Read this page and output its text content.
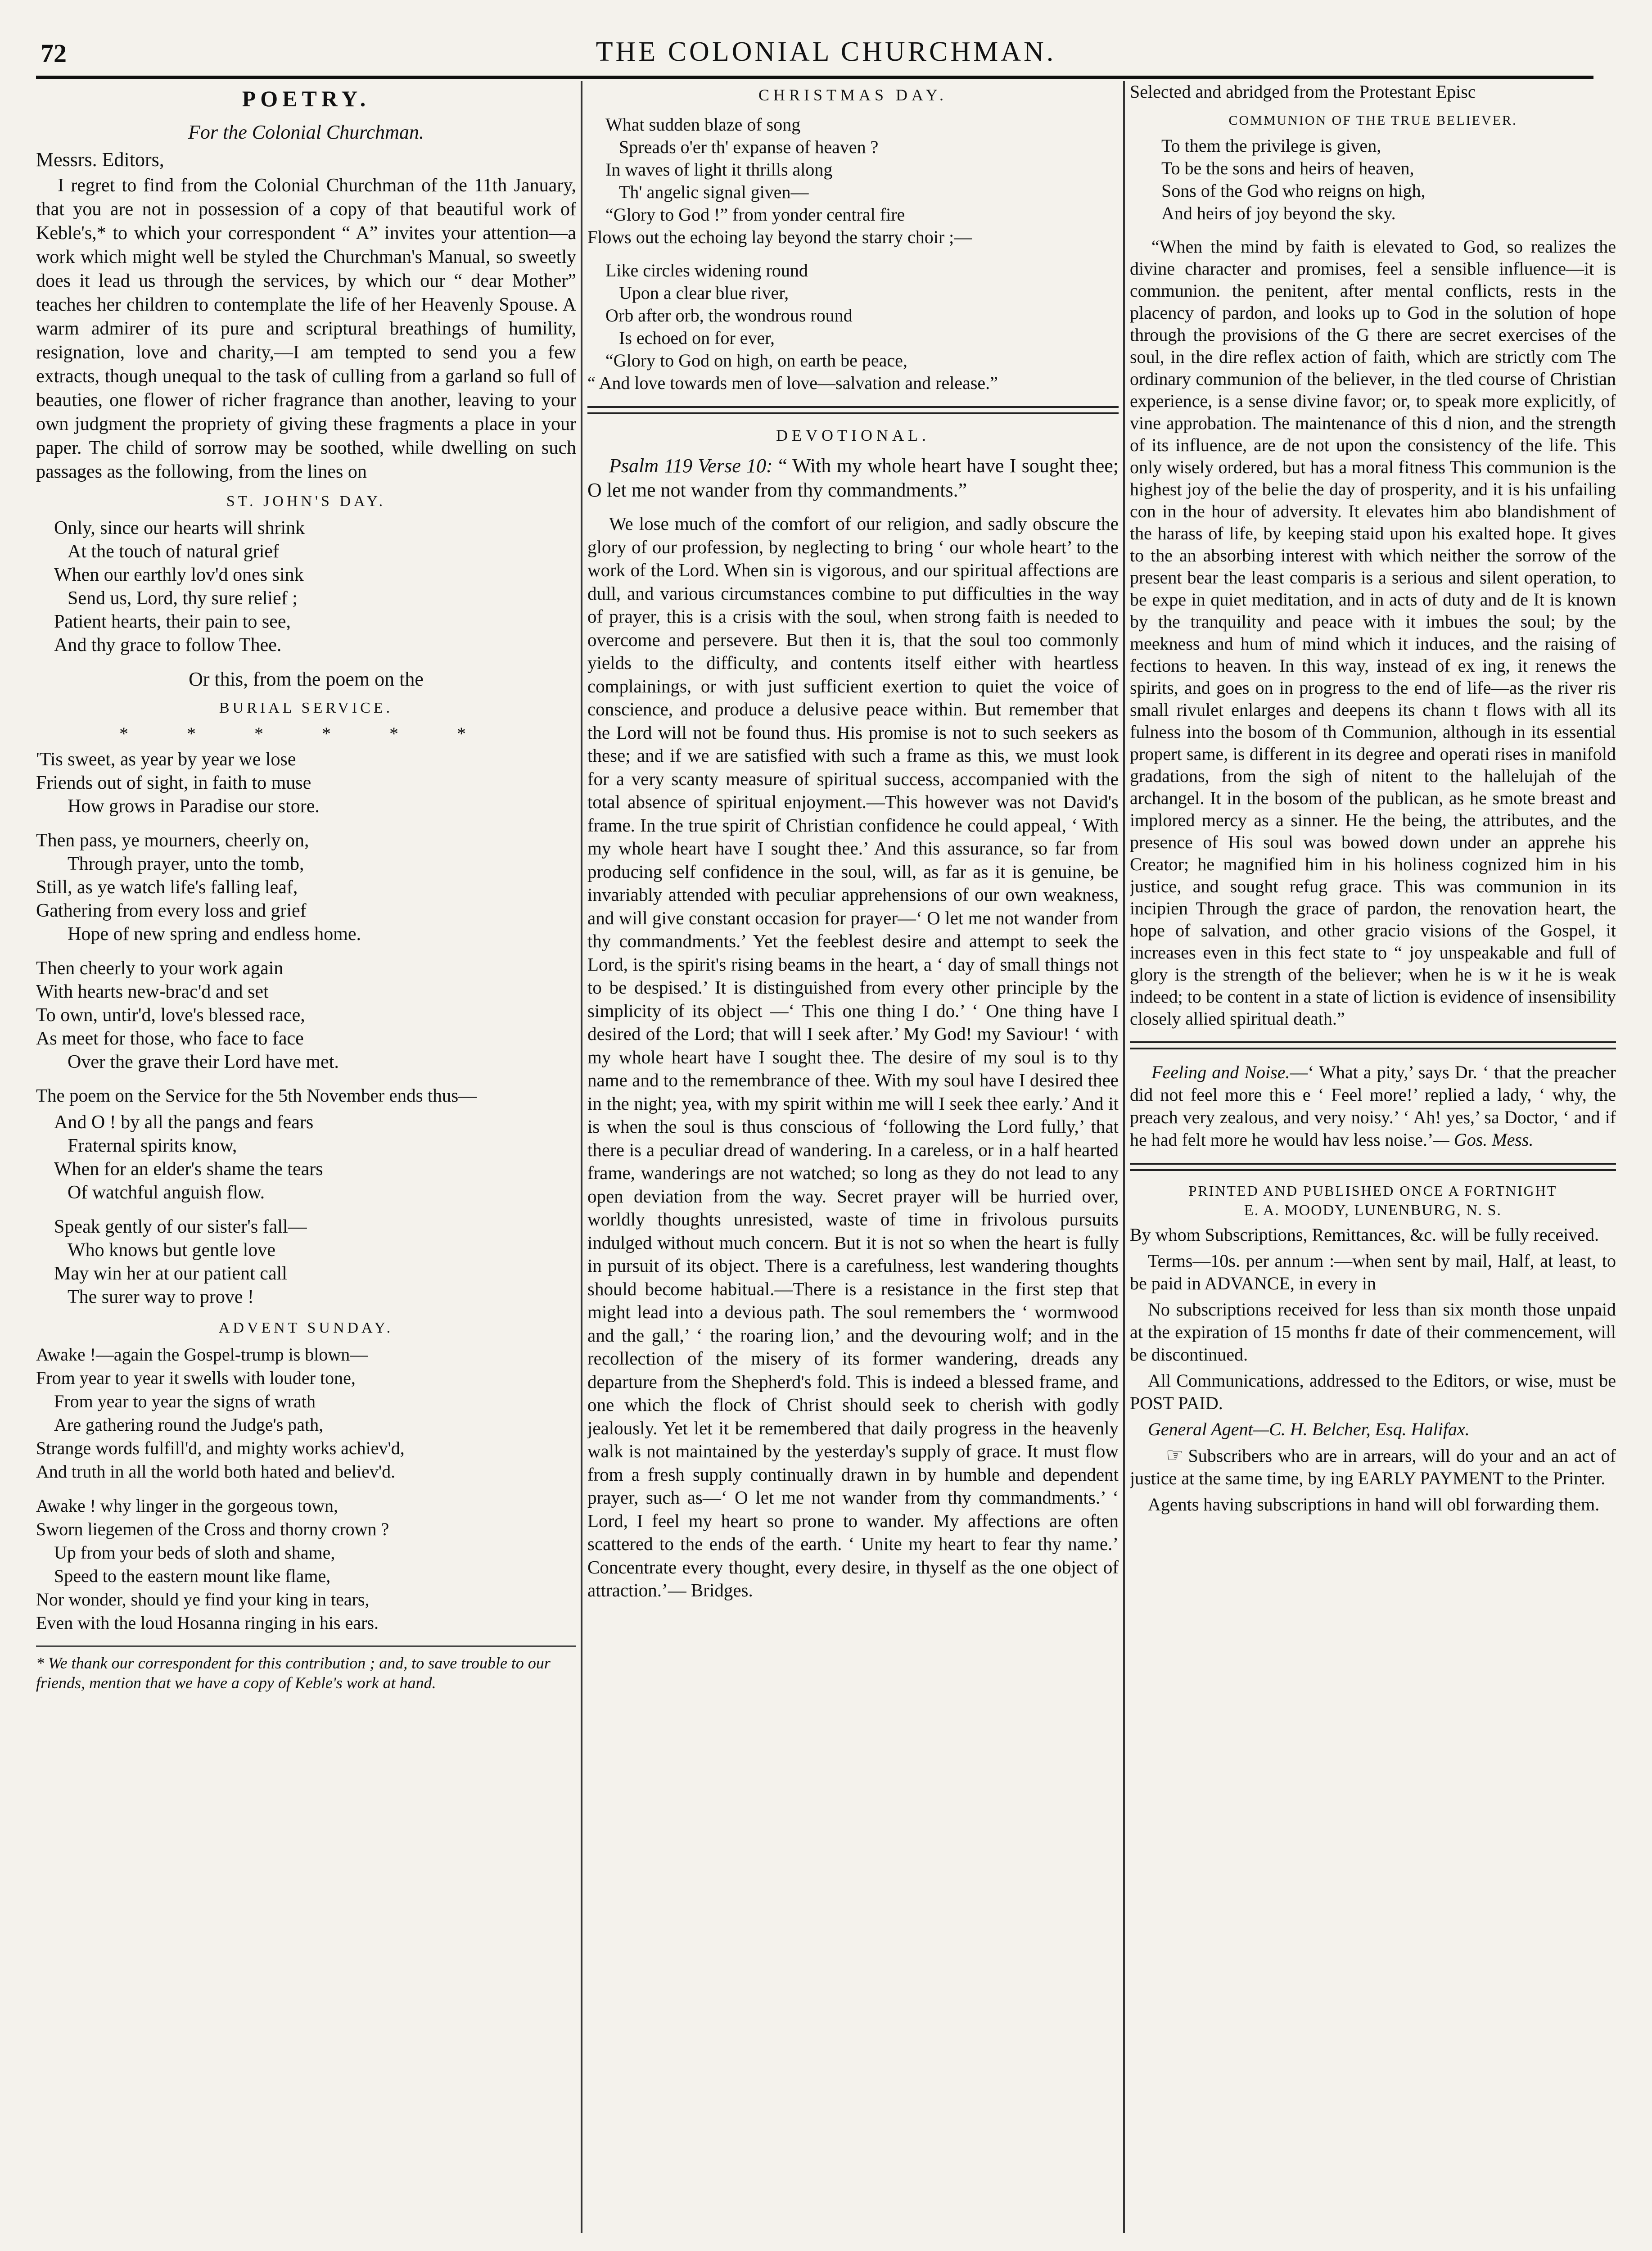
72	THE COLONIAL CHURCHMAN.
POETRY.
For the Colonial Churchman.
Messrs. Editors,

I regret to find from the Colonial Churchman of the 11th January, that you are not in possession of a copy of that beautiful work of Keble's,* to which your correspondent “ A” invites your attention—a work which might well be styled the Churchman's Manual, so sweetly does it lead us through the services, by which our “ dear Mother” teaches her children to contemplate the life of her Heavenly Spouse. A warm admirer of its pure and scriptural breathings of humility, resignation, love and charity,—I am tempted to send you a few extracts, though unequal to the task of culling from a garland so full of beauties, one flower of richer fragrance than another, leaving to your own judgment the propriety of giving these fragments a place in your paper. The child of sorrow may be soothed, while dwelling on such passages as the following, from the lines on

ST. JOHN'S DAY.
Only, since our hearts will shrink
At the touch of natural grief
When our earthly lov'd ones sink
Send us, Lord, thy sure relief ;
Patient hearts, their pain to see,
And thy grace to follow Thee.
Or this, from the poem on the
BURIAL SERVICE.
* * * * * *
'Tis sweet, as year by year we lose
Friends out of sight, in faith to muse
How grows in Paradise our store.
Then pass, ye mourners, cheerly on,
Through prayer, unto the tomb,
Still, as ye watch life's falling leaf,
Gathering from every loss and grief
Hope of new spring and endless home.
Then cheerly to your work again
With hearts new-brac'd and set
To own, untir'd, love's blessed race,
As meet for those, who face to face
Over the grave their Lord have met.
The poem on the Service for the 5th November ends thus—
And O ! by all the pangs and fears
Fraternal spirits know,
When for an elder's shame the tears
Of watchful anguish flow.
Speak gently of our sister's fall—
Who knows but gentle love
May win her at our patient call
The surer way to prove !
ADVENT SUNDAY.
Awake !—again the Gospel-trump is blown—
From year to year it swells with louder tone,
From year to year the signs of wrath
Are gathering round the Judge's path,
Strange words fulfill'd, and mighty works achiev'd,
And truth in all the world both hated and believ'd.
Awake ! why linger in the gorgeous town,
Sworn liegemen of the Cross and thorny crown ?
Up from your beds of sloth and shame,
Speed to the eastern mount like flame,
Nor wonder, should ye find your king in tears,
Even with the loud Hosanna ringing in his ears.
* We thank our correspondent for this contribution ; and, to save trouble to our friends, mention that we have a copy of Keble's work at hand.
CHRISTMAS DAY.
What sudden blaze of song
Spreads o'er th' expanse of heaven ?
In waves of light it thrills along
Th' angelic signal given—
“Glory to God !” from yonder central fire
Flows out the echoing lay beyond the starry choir ;—
Like circles widening round
Upon a clear blue river,
Orb after orb, the wondrous round
Is echoed on for ever,
“Glory to God on high, on earth be peace,
“ And love towards men of love—salvation and release.”
DEVOTIONAL.

Psalm 119 Verse 10: “ With my whole heart have I sought thee; O let me not wander from thy commandments.”

We lose much of the comfort of our religion, and sadly obscure the glory of our profession, by neglecting to bring ‘ our whole heart’ to the work of the Lord. When sin is vigorous, and our spiritual affections are dull, and various circumstances combine to put difficulties in the way of prayer, this is a crisis with the soul, when strong faith is needed to overcome and persevere. But then it is, that the soul too commonly yields to the difficulty, and contents itself either with heartless complainings, or with just sufficient exertion to quiet the voice of conscience, and produce a delusive peace within. But remember that the Lord will not be found thus. His promise is not to such seekers as these; and if we are satisfied with such a frame as this, we must look for a very scanty measure of spiritual success, accompanied with the total absence of spiritual enjoyment.—This however was not David's frame. In the true spirit of Christian confidence he could appeal, ‘ With my whole heart have I sought thee.’ And this assurance, so far from producing self confidence in the soul, will, as far as it is genuine, be invariably attended with peculiar apprehensions of our own weakness, and will give constant occasion for prayer—‘ O let me not wander from thy commandments.’ Yet the feeblest desire and attempt to seek the Lord, is the spirit's rising beams in the heart, a ‘ day of small things not to be despised.’ It is distinguished from every other principle by the simplicity of its object —‘ This one thing I do.’ ‘ One thing have I desired of the Lord; that will I seek after.’ My God! my Saviour! ‘ with my whole heart have I sought thee. The desire of my soul is to thy name and to the remembrance of thee. With my soul have I desired thee in the night; yea, with my spirit within me will I seek thee early.’ And it is when the soul is thus conscious of ‘following the Lord fully,’ that there is a peculiar dread of wandering. In a careless, or in a half hearted frame, wanderings are not watched; so long as they do not lead to any open deviation from the way. Secret prayer will be hurried over, worldly thoughts unresisted, waste of time in frivolous pursuits indulged without much concern. But it is not so when the heart is fully in pursuit of its object. There is a carefulness, lest wandering thoughts should become habitual.—There is a resistance in the first step that might lead into a devious path. The soul remembers the ‘ wormwood and the gall,’ ‘ the roaring lion,’ and the devouring wolf; and in the recollection of the misery of its former wandering, dreads any departure from the Shepherd's fold. This is indeed a blessed frame, and one which the flock of Christ should seek to cherish with godly jealously. Yet let it be remembered that daily progress in the heavenly walk is not maintained by the yesterday's supply of grace. It must flow from a fresh supply continually drawn in by humble and dependent prayer, such as—‘ O let me not wander from thy commandments.’ ‘ Lord, I feel my heart so prone to wander. My affections are often scattered to the ends of the earth. ‘ Unite my heart to fear thy name.’ Concentrate every thought, every desire, in thyself as the one object of attraction.’— Bridges.

Selected and abridged from the Protestant Episc
COMMUNION OF THE TRUE BELIEVER.
To them the privilege is given,
To be the sons and heirs of heaven,
Sons of the God who reigns on high,
And heirs of joy beyond the sky.

“When the mind by faith is elevated to God, so realizes the divine character and promises, feel a sensible influence—it is communion. the penitent, after mental conflicts, rests in the placency of pardon, and looks up to God in the solution of hope through the provisions of the G there are secret exercises of the soul, in the dire reflex action of faith, which are strictly com The ordinary communion of the believer, in the tled course of Christian experience, is a sense divine favor; or, to speak more explicitly, of vine approbation. The maintenance of this d nion, and the strength of its influence, are de not upon the consistency of the life. This only wisely ordered, but has a moral fitness This communion is the highest joy of the belie the day of prosperity, and it is his unfailing con in the hour of adversity. It elevates him abo blandishment of the harass of life, by keeping staid upon his exalted hope. It gives to the an absorbing interest with which neither the sorrow of the present bear the least comparis is a serious and silent operation, to be expe in quiet meditation, and in acts of duty and de It is known by the tranquility and peace with it imbues the soul; by the meekness and hum of mind which it induces, and the raising of fections to heaven. In this way, instead of ex ing, it renews the spirits, and goes on in progress to the end of life—as the river ris small rivulet enlarges and deepens its chann t flows with all its fulness into the bosom of th Communion, although in its essential propert same, is different in its degree and operati rises in manifold gradations, from the sigh of nitent to the hallelujah of the archangel. It in the bosom of the publican, as he smote breast and implored mercy as a sinner. He the being, the attributes, and the presence of His soul was bowed down under an apprehe his Creator; he magnified him in his holiness cognized him in his justice, and sought refug grace. This was communion in its incipien Through the grace of pardon, the renovation heart, the hope of salvation, and other gracio visions of the Gospel, it increases even in this fect state to “ joy unspeakable and full of glory is the strength of the believer; when he is w it he is weak indeed; to be content in a state of liction is evidence of insensibility closely allied spiritual death.”

Feeling and Noise.—‘ What a pity,’ says Dr. ‘ that the preacher did not feel more this e ‘ Feel more!’ replied a lady, ‘ why, the preach very zealous, and very noisy.’ ‘ Ah! yes,’ sa Doctor, ‘ and if he had felt more he would hav less noise.’— Gos. Mess.

PRINTED AND PUBLISHED ONCE A FORTNIGHT
E. A. MOODY, LUNENBURG, N. S.

By whom Subscriptions, Remittances, &c. will be fully received.

Terms—10s. per annum :—when sent by mail, Half, at least, to be paid in ADVANCE, in every in

No subscriptions received for less than six month those unpaid at the expiration of 15 months fr date of their commencement, will be discontinued.

All Communications, addressed to the Editors, or wise, must be POST PAID.

General Agent—C. H. Belcher, Esq. Halifax.

☞ Subscribers who are in arrears, will do your and an act of justice at the same time, by ing EARLY PAYMENT to the Printer.

Agents having subscriptions in hand will obl forwarding them.
